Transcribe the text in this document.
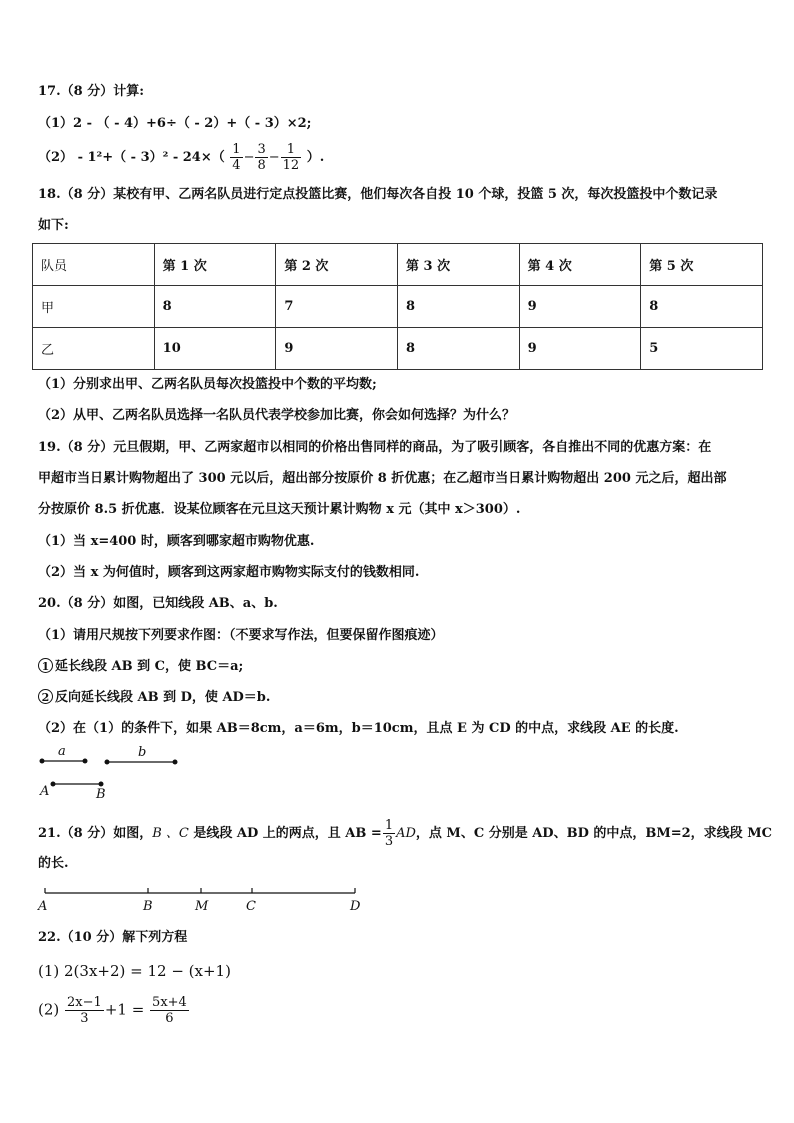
17.（8 分）计算:
（1）2 - （ - 4）+6÷（ - 2）+（ - 3）×2;
$(2) - 1^2+( - 3)^2 - 24\times( \frac{1}{4} - \frac{3}{8} - \frac{1}{12}$ ）.
18.（8 分）某校有甲、乙两名队员进行定点投篮比赛，他们每次各自投 10 个球，投篮 5 次，每次投篮投中个数记录
如下:
队员	第 1 次	第 2 次	第 3 次	第 4 次	第 5 次
甲	8	7	8	9	8
乙	10	9	8	9	5
（1）分别求出甲、乙两名队员每次投篮投中个数的平均数;
（2）从甲、乙两名队员选择一名队员代表学校参加比赛，你会如何选择？为什么？
19.（8 分）元旦假期，甲、乙两家超市以相同的价格出售同样的商品，为了吸引顾客，各自推出不同的优惠方案：在
甲超市当日累计购物超出了 300 元以后，超出部分按原价 8 折优惠；在乙超市当日累计购物超出 200 元之后，超出部
分按原价 8.5 折优惠．设某位顾客在元旦这天预计累计购物 x 元（其中 x＞300）.
（1）当 x=400 时，顾客到哪家超市购物优惠.
（2）当 x 为何值时，顾客到这两家超市购物实际支付的钱数相同.
20.（8 分）如图，已知线段 AB、a、b.
（1）请用尺规按下列要求作图：（不要求写作法，但要保留作图痕迹）
1 延长线段 AB 到 C，使 BC＝a;
2 反向延长线段 AB 到 D，使 AD＝b.
（2）在（1）的条件下，如果 AB＝8cm，a＝6m，b＝10cm，且点 E 为 CD 的中点，求线段 AE 的长度.
a	b
A	B
21.（8 分）如图，B 、C 是线段 AD 上的两点，且 AB = $\frac{1}{3}$ AD，点 M、C 分别是 AD、BD 的中点，BM=2，求线段 MC
的长.
A	B	M	C	D
22.（10 分）解下列方程
(1) 2(3x+2) = 12 − (x+1)
$(2) \frac{2x-1}{3} +1 = \frac{5x+4}{6}$
